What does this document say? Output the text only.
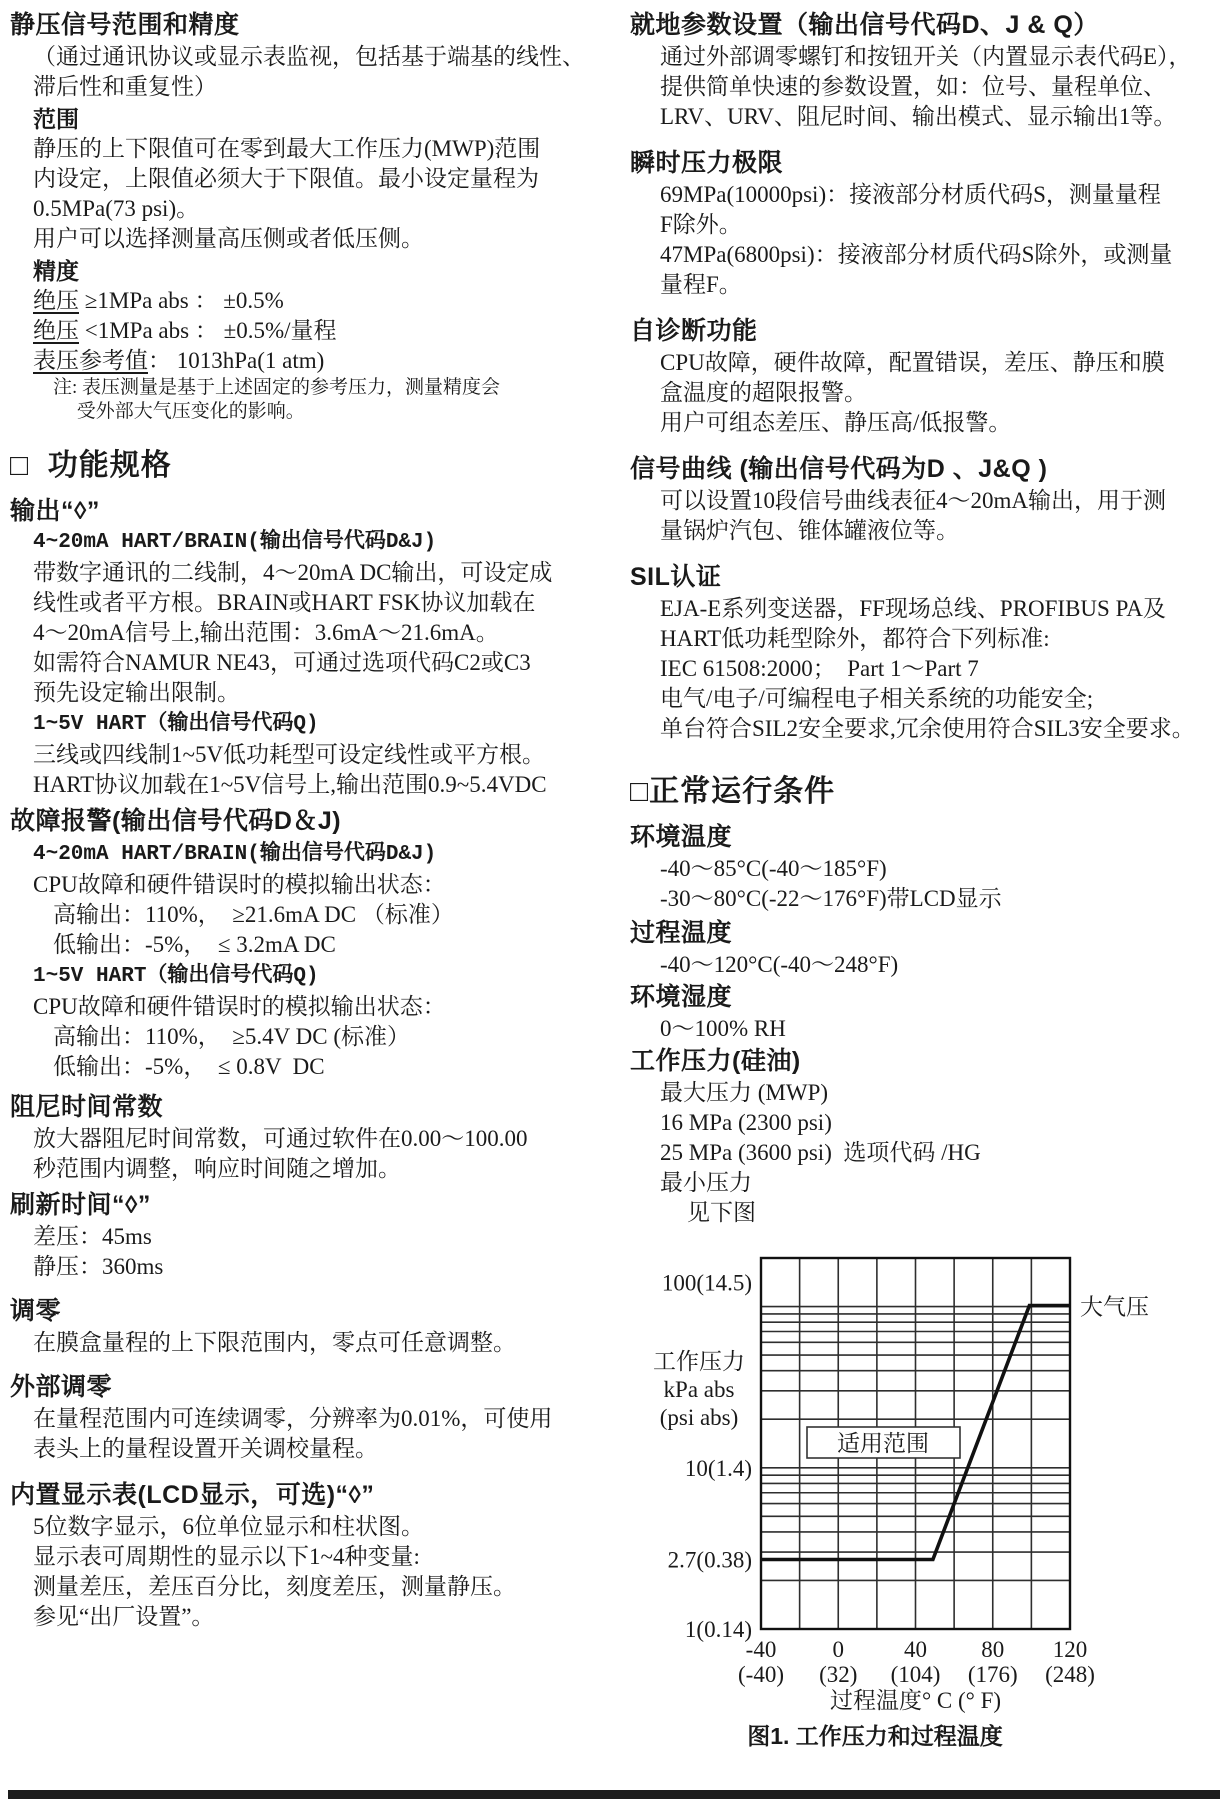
静压信号范围和精度
（通过通讯协议或显示表监视，包括基于端基的线性、
滞后性和重复性）
范围
静压的上下限值可在零到最大工作压力(MWP)范围
内设定，上限值必须大于下限值。最小设定量程为
0.5MPa(73 psi)。
用户可以选择测量高压侧或者低压侧。
精度
绝压 ≥1MPa abs ： ±0.5%
绝压 <1MPa abs ： ±0.5%/量程
表压参考值： 1013hPa(1 atm)
注: 表压测量是基于上述固定的参考压力，测量精度会
受外部大气压变化的影响。
□  功能规格
输出“◊”
4~20mA HART/BRAIN(输出信号代码D&J)
带数字通讯的二线制，4～20mA DC输出，可设定成
线性或者平方根。BRAIN或HART FSK协议加载在
4～20mA信号上,输出范围：3.6mA～21.6mA。
如需符合NAMUR NE43，可通过选项代码C2或C3
预先设定输出限制。
1~5V HART（输出信号代码Q)
三线或四线制1~5V低功耗型可设定线性或平方根。
HART协议加载在1~5V信号上,输出范围0.9~5.4VDC
故障报警(输出信号代码D＆J)
4~20mA HART/BRAIN(输出信号代码D&J)
CPU故障和硬件错误时的模拟输出状态：
高输出：110%，  ≥21.6mA DC （标准）
低输出：-5%，  ≤ 3.2mA DC
1~5V HART（输出信号代码Q)
CPU故障和硬件错误时的模拟输出状态：
高输出：110%，  ≥5.4V DC (标准）
低输出：-5%，  ≤ 0.8V  DC
阻尼时间常数
放大器阻尼时间常数，可通过软件在0.00～100.00
秒范围内调整，响应时间随之增加。
刷新时间“◊”
差压：45ms
静压：360ms
调零
在膜盒量程的上下限范围内，零点可任意调整。
外部调零
在量程范围内可连续调零，分辨率为0.01%，可使用
表头上的量程设置开关调校量程。
内置显示表(LCD显示，可选)“◊”
5位数字显示，6位单位显示和柱状图。
显示表可周期性的显示以下1~4种变量:
测量差压，差压百分比，刻度差压，测量静压。
参见“出厂设置”。
就地参数设置（输出信号代码D、J & Q）
通过外部调零螺钉和按钮开关（内置显示表代码E），
提供简单快速的参数设置，如：位号、量程单位、
LRV、URV、阻尼时间、输出模式、显示输出1等。
瞬时压力极限
69MPa(10000psi)：接液部分材质代码S，测量量程
F除外。
47MPa(6800psi)：接液部分材质代码S除外，或测量
量程F。
自诊断功能
CPU故障，硬件故障，配置错误，差压、静压和膜
盒温度的超限报警。
用户可组态差压、静压高/低报警。
信号曲线 (输出信号代码为D 、J&Q )
可以设置10段信号曲线表征4～20mA输出，用于测
量锅炉汽包、锥体罐液位等。
SIL认证
EJA-E系列变送器，FF现场总线、PROFIBUS PA及
HART低功耗型除外，都符合下列标准:
IEC 61508:2000；  Part 1～Part 7
电气/电子/可编程电子相关系统的功能安全;
单台符合SIL2安全要求,冗余使用符合SIL3安全要求。
□正常运行条件
环境温度
-40～85°C(-40～185°F)
-30～80°C(-22～176°F)带LCD显示
过程温度
-40～120°C(-40～248°F)
环境湿度
0～100% RH
工作压力(硅油)
最大压力 (MWP)
16 MPa (2300 psi)
25 MPa (3600 psi)  选项代码 /HG
最小压力
见下图
100(14.5)
10(1.4)
2.7(0.38)
1(0.14)
-40
(-40)
0
(32)
40
(104)
80
(176)
120
(248)
工作压力
kPa abs
(psi abs)
过程温度° C (° F)
大气压
适用范围
图1. 工作压力和过程温度
